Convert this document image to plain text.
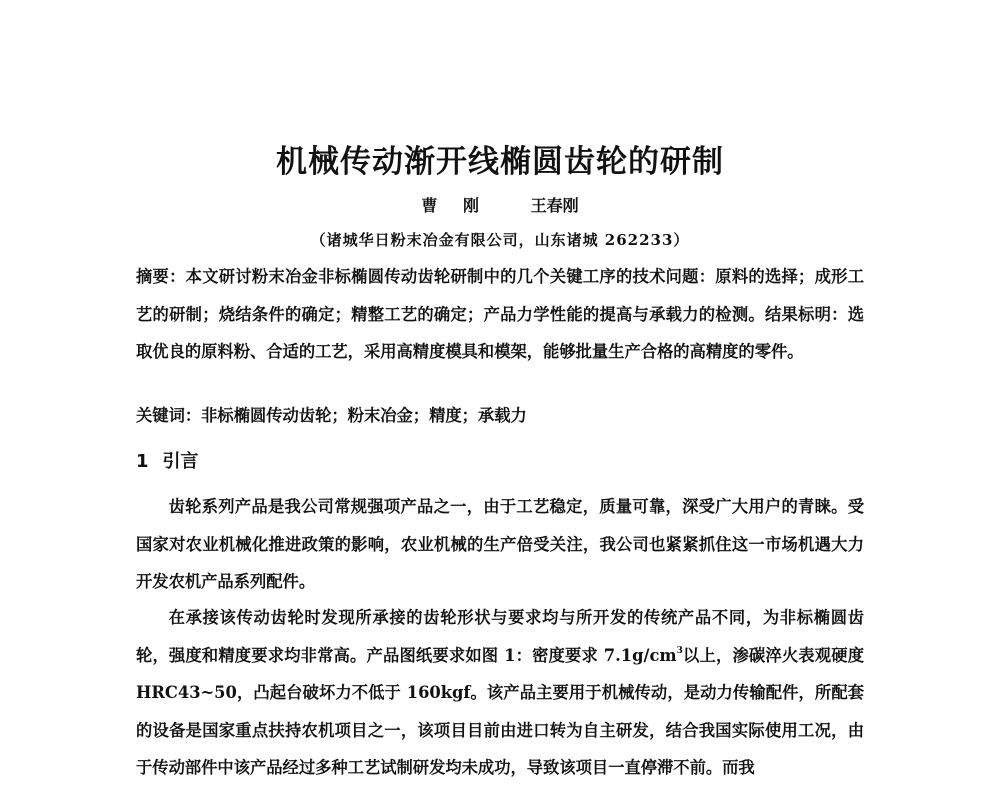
机械传动渐开线椭圆齿轮的研制
曹 刚	王春刚
（诸城华日粉末冶金有限公司，山东诸城 262233）
摘要：本文研讨粉末冶金非标椭圆传动齿轮研制中的几个关键工序的技术问题：原料的选择；成形工艺的研制；烧结条件的确定；精整工艺的确定；产品力学性能的提高与承载力的检测。结果标明：选取优良的原料粉、合适的工艺，采用高精度模具和模架，能够批量生产合格的高精度的零件。
关键词：非标椭圆传动齿轮；粉末冶金；精度；承载力
1 引言

齿轮系列产品是我公司常规强项产品之一，由于工艺稳定，质量可靠，深受广大用户的青睐。受国家对农业机械化推进政策的影响，农业机械的生产倍受关注，我公司也紧紧抓住这一市场机遇大力开发农机产品系列配件。

在承接该传动齿轮时发现所承接的齿轮形状与要求均与所开发的传统产品不同，为非标椭圆齿轮，强度和精度要求均非常高。产品图纸要求如图 1：密度要求 $7.1g/cm^3$以上，渗碳淬火表观硬度 HRC43~50，凸起台破坏力不低于 160kgf。该产品主要用于机械传动，是动力传输配件，所配套的设备是国家重点扶持农机项目之一，该项目目前由进口转为自主研发，结合我国实际使用工况，由于传动部件中该产品经过多种工艺试制研发均未成功，导致该项目一直停滞不前。而我
